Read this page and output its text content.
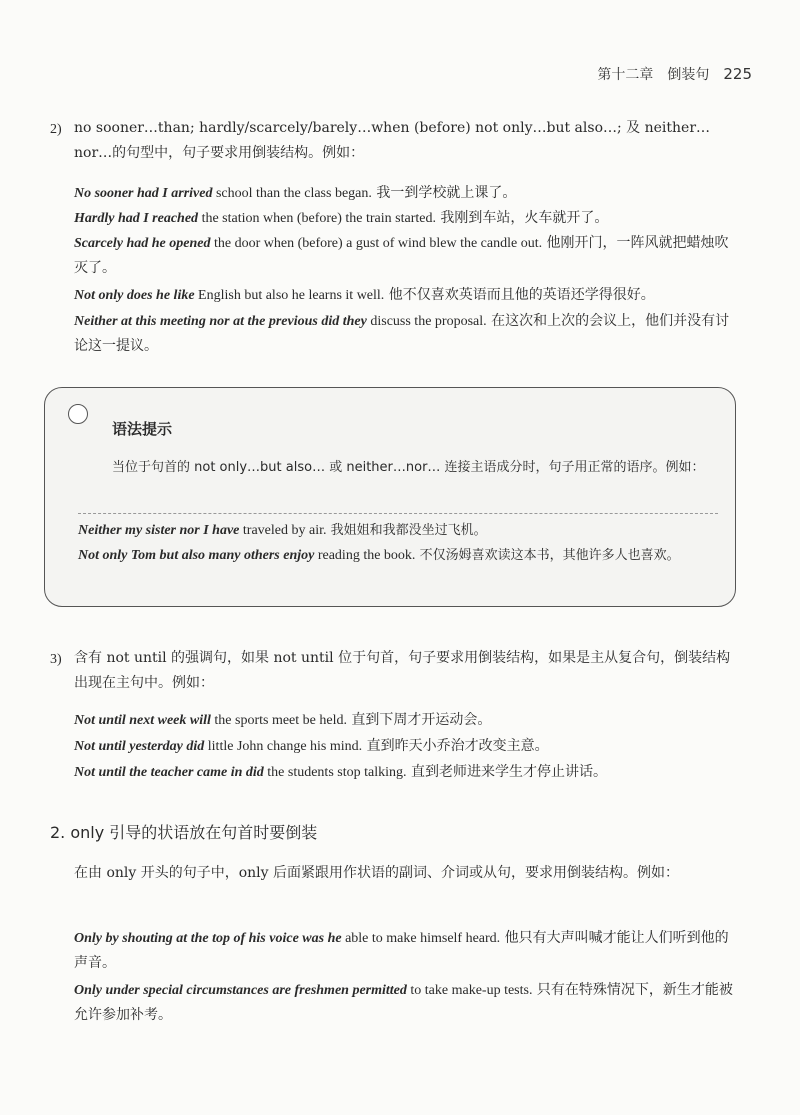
第十二章　倒装句 225
2) no sooner…than; hardly/scarcely/barely…when (before) not only…but also…; 及 neither…nor…的句型中，句子要求用倒装结构。例如：
No sooner had I arrived school than the class began. 我一到学校就上课了。
Hardly had I reached the station when (before) the train started. 我刚到车站，火车就开了。
Scarcely had he opened the door when (before) a gust of wind blew the candle out. 他刚开门，一阵风就把蜡烛吹灭了。
Not only does he like English but also he learns it well. 他不仅喜欢英语而且他的英语还学得很好。
Neither at this meeting nor at the previous did they discuss the proposal. 在这次和上次的会议上，他们并没有讨论这一提议。
语法提示
当位于句首的 not only…but also… 或 neither…nor… 连接主语成分时，句子用正常的语序。例如：
Neither my sister nor I have traveled by air. 我姐姐和我都没坐过飞机。
Not only Tom but also many others enjoy reading the book. 不仅汤姆喜欢读这本书，其他许多人也喜欢。
3) 含有 not until 的强调句，如果 not until 位于句首，句子要求用倒装结构，如果是主从复合句，倒装结构出现在主句中。例如：
Not until next week will the sports meet be held. 直到下周才开运动会。
Not until yesterday did little John change his mind. 直到昨天小乔治才改变主意。
Not until the teacher came in did the students stop talking. 直到老师进来学生才停止讲话。
2. only 引导的状语放在句首时要倒装
在由 only 开头的句子中，only 后面紧跟用作状语的副词、介词或从句，要求用倒装结构。例如：
Only by shouting at the top of his voice was he able to make himself heard. 他只有大声叫喊才能让人们听到他的声音。
Only under special circumstances are freshmen permitted to take make-up tests. 只有在特殊情况下，新生才能被允许参加补考。
